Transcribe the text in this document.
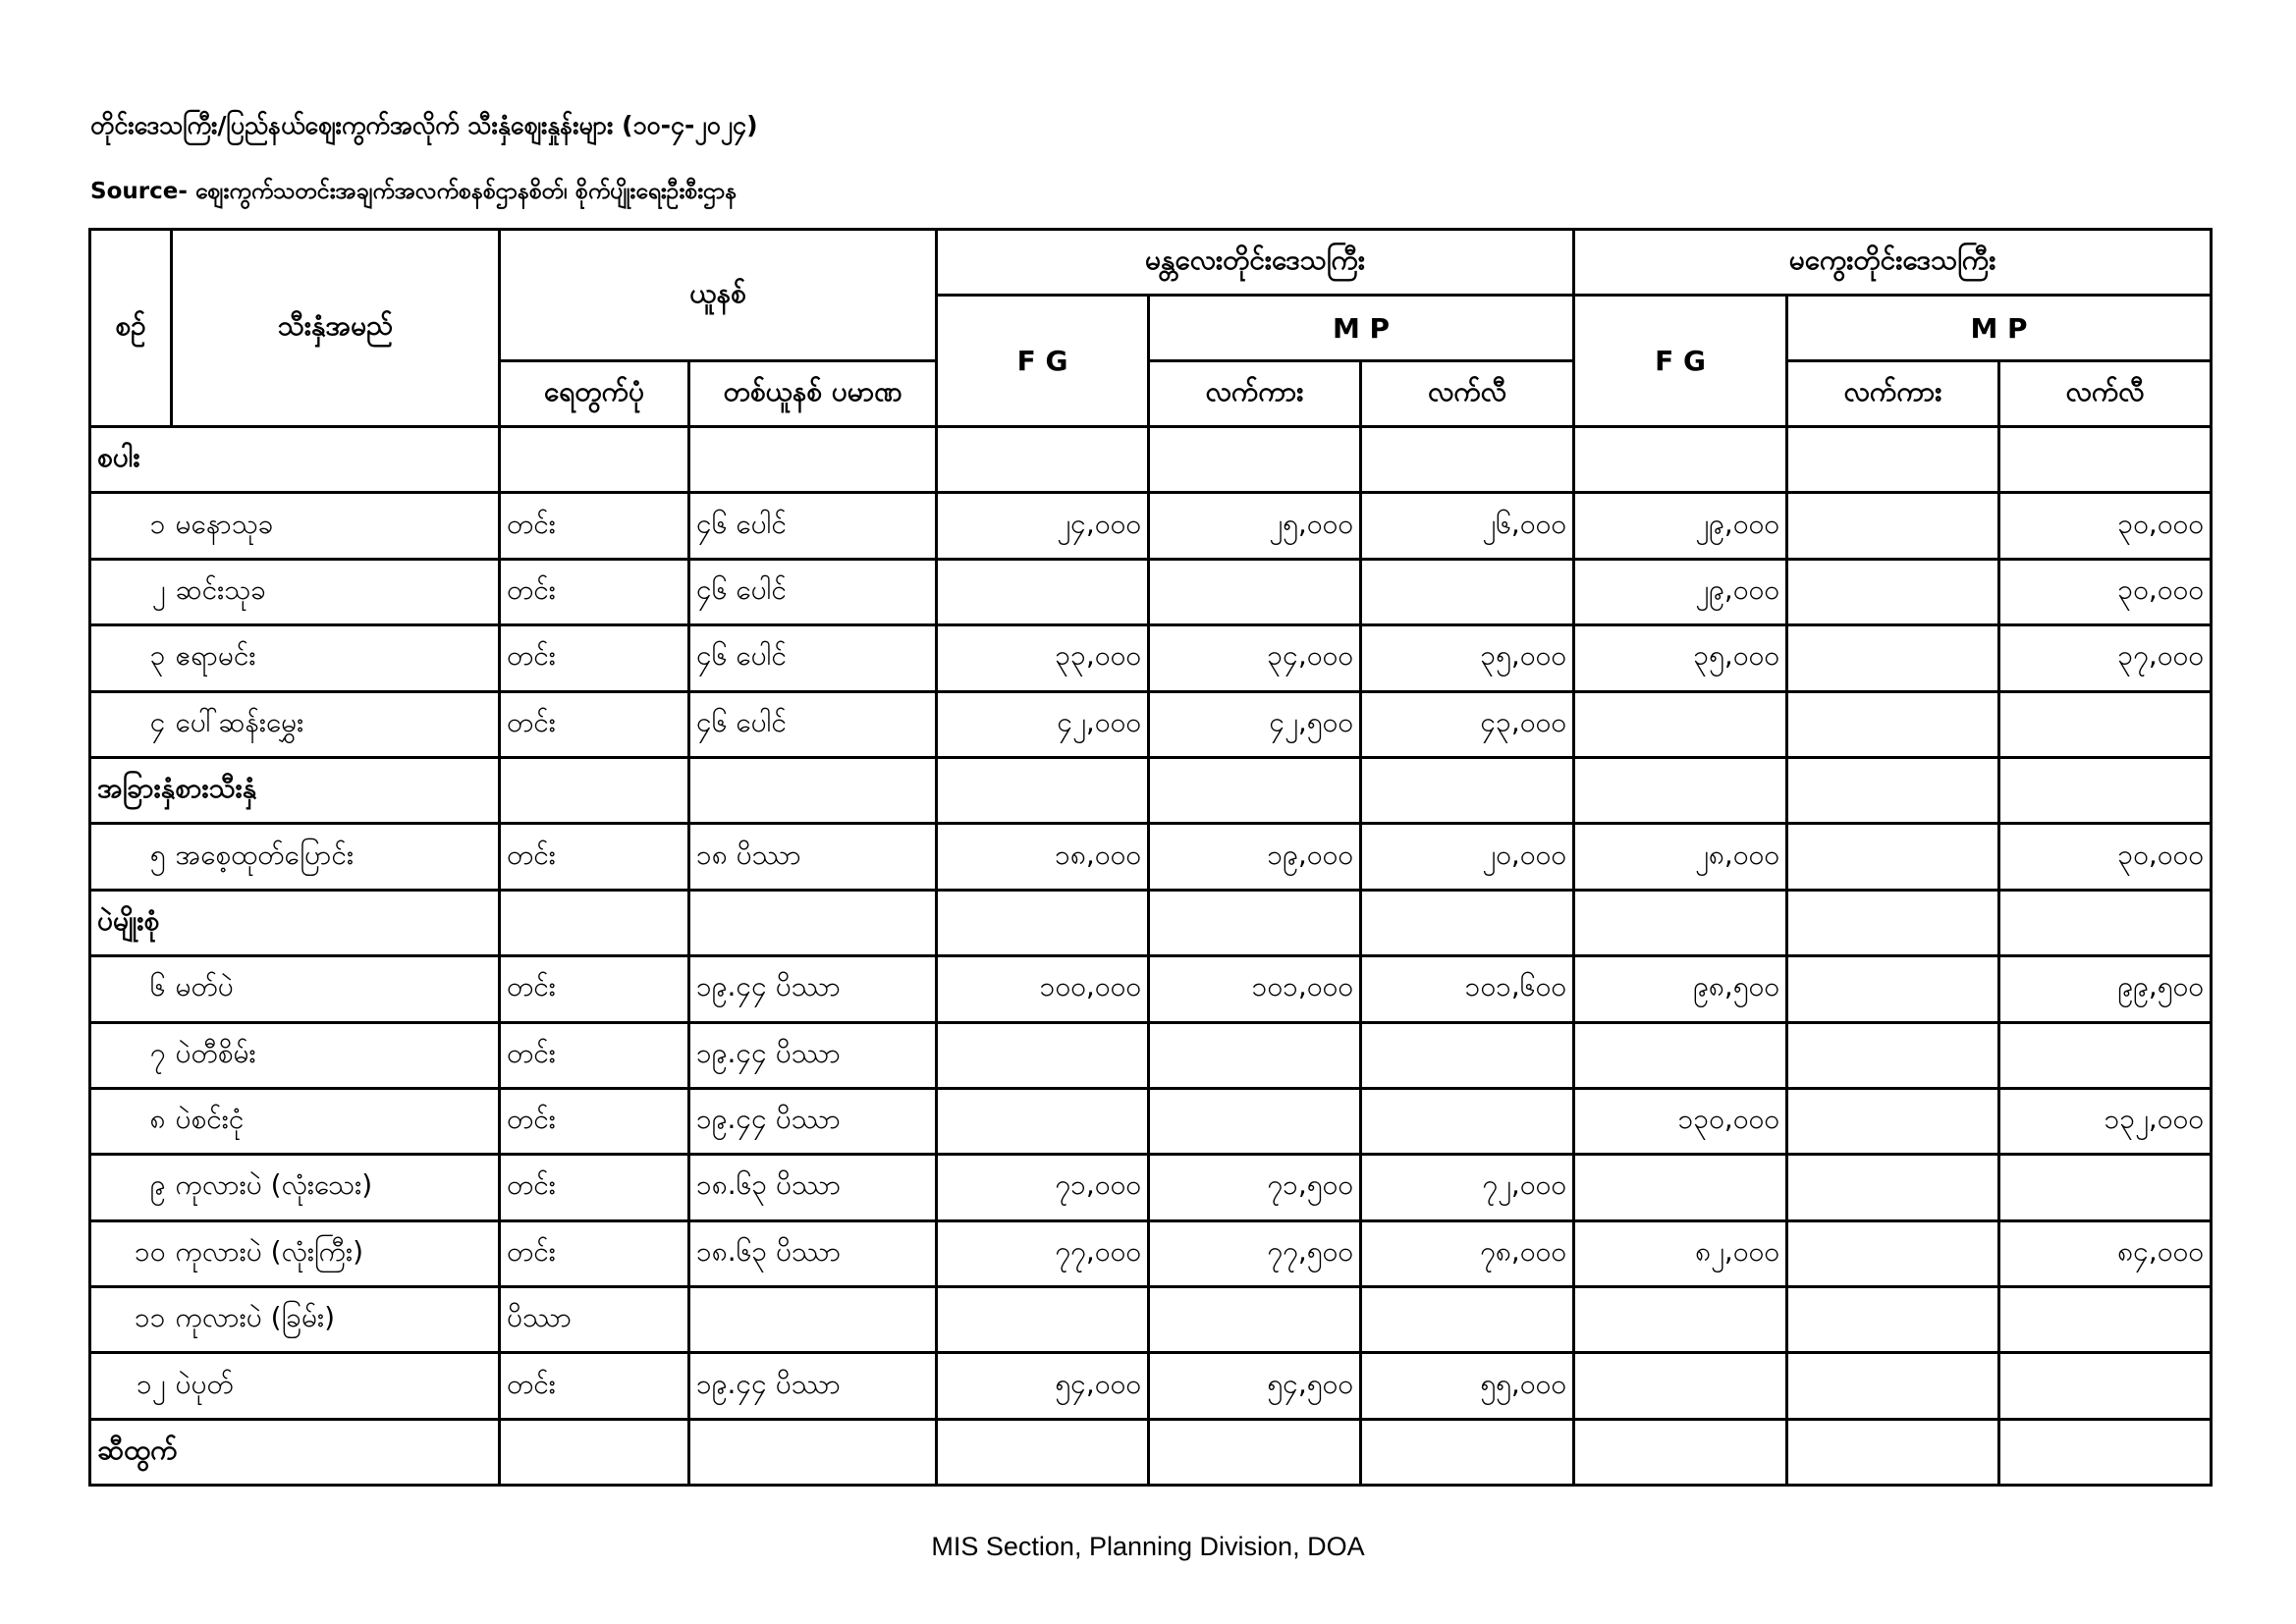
တိုင်းဒေသကြီး/ပြည်နယ်ဈေးကွက်အလိုက် သီးနှံဈေးနှုန်းများ (၁၀-၄-၂၀၂၄)
Source- ဈေးကွက်သတင်းအချက်အလက်စနစ်ဌာနစိတ်၊ စိုက်ပျိုးရေးဦးစီးဌာန
စဉ်	သီးနှံအမည်	ယူနစ်		မန္တလေးတိုင်းဒေသကြီး			မကွေးတိုင်းဒေသကြီး		
				F G	M P		F G	M P	
		ရေတွက်ပုံ	တစ်ယူနစ် ပမာဏ		လက်ကား	လက်လီ		လက်ကား	လက်လီ
စပါး									
၁	မနောသုခ	တင်း	၄၆ ပေါင်	၂၄,၀၀၀	၂၅,၀၀၀	၂၆,၀၀၀	၂၉,၀၀၀		၃၀,၀၀၀
၂	ဆင်းသုခ	တင်း	၄၆ ပေါင်				၂၉,၀၀၀		၃၀,၀၀၀
၃	ဧရာမင်း	တင်း	၄၆ ပေါင်	၃၃,၀၀၀	၃၄,၀၀၀	၃၅,၀၀၀	၃၅,၀၀၀		၃၇,၀၀၀
၄	ပေါ်ဆန်းမွှေး	တင်း	၄၆ ပေါင်	၄၂,၀၀၀	၄၂,၅၀၀	၄၃,၀၀၀			
အခြားနှံစားသီးနှံ									
၅	အစေ့ထုတ်ပြောင်း	တင်း	၁၈ ပိဿာ	၁၈,၀၀၀	၁၉,၀၀၀	၂၀,၀၀၀	၂၈,၀၀၀		၃၀,၀၀၀
ပဲမျိုးစုံ									
၆	မတ်ပဲ	တင်း	၁၉.၄၄ ပိဿာ	၁၀၀,၀၀၀	၁၀၁,၀၀၀	၁၀၁,၆၀၀	၉၈,၅၀၀		၉၉,၅၀၀
၇	ပဲတီစိမ်း	တင်း	၁၉.၄၄ ပိဿာ						
၈	ပဲစင်းငုံ	တင်း	၁၉.၄၄ ပိဿာ				၁၃၀,၀၀၀		၁၃၂,၀၀၀
၉	ကုလားပဲ (လုံးသေး)	တင်း	၁၈.၆၃ ပိဿာ	၇၁,၀၀၀	၇၁,၅၀၀	၇၂,၀၀၀			
၁၀	ကုလားပဲ (လုံးကြီး)	တင်း	၁၈.၆၃ ပိဿာ	၇၇,၀၀၀	၇၇,၅၀၀	၇၈,၀၀၀	၈၂,၀၀၀		၈၄,၀၀၀
၁၁	ကုလားပဲ (ခြမ်း)	ပိဿာ							
၁၂	ပဲပုတ်	တင်း	၁၉.၄၄ ပိဿာ	၅၄,၀၀၀	၅၄,၅၀၀	၅၅,၀၀၀			
ဆီထွက်									
MIS Section, Planning Division, DOA
